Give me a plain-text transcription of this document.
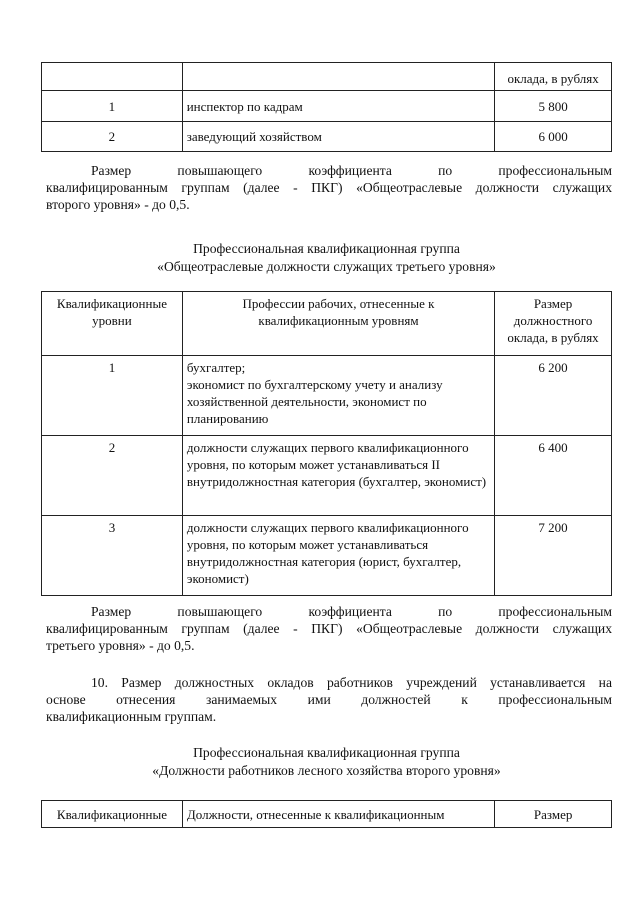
		оклада, в рублях
1	инспектор по кадрам	5 800
2	заведующий хозяйством	6 000
Размер повышающего коэффициента по профессиональным
квалифицированным группам (далее - ПКГ) «Общеотраслевые должности служащих
второго уровня» - до 0,5.
Профессиональная квалификационная группа
«Общеотраслевые должности служащих третьего уровня»
Квалификационные уровни	Профессии рабочих, отнесенные к квалификационным уровням	Размер должностного оклада, в рублях
1	бухгалтер;
экономист по бухгалтерскому учету и анализу хозяйственной деятельности, экономист по планированию	6 200
2	должности служащих первого квалификационного уровня, по которым может устанавливаться II внутридолжностная категория (бухгалтер, экономист)	6 400
3	должности служащих первого квалификационного уровня, по которым может устанавливаться внутридолжностная категория (юрист, бухгалтер, экономист)	7 200
Размер повышающего коэффициента по профессиональным
квалифицированным группам (далее - ПКГ) «Общеотраслевые должности служащих
третьего уровня» - до 0,5.
10. Размер должностных окладов работников учреждений устанавливается на
основе отнесения занимаемых ими должностей к профессиональным
квалификационным группам.
Профессиональная квалификационная группа
«Должности работников лесного хозяйства второго уровня»
Квалификационные	Должности, отнесенные к квалификационным	Размер
